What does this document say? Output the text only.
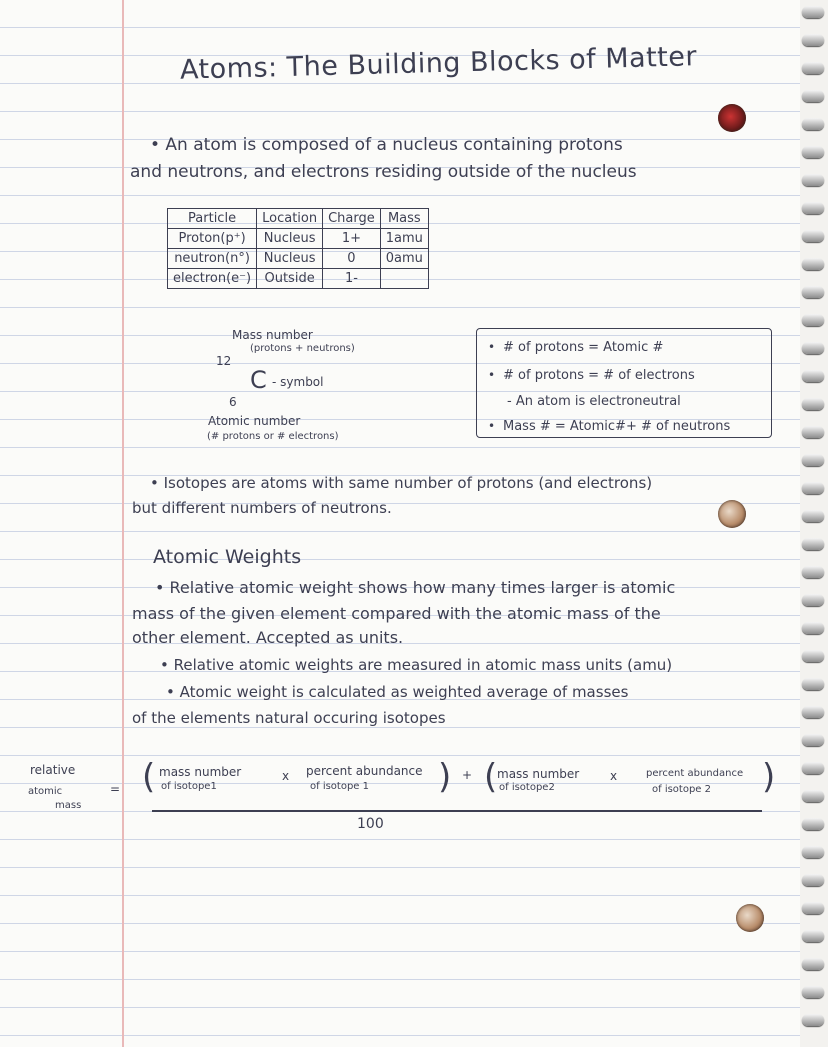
Atoms: The Building Blocks of Matter
• An atom is composed of a nucleus containing protons
and neutrons, and electrons residing outside of the nucleus
Particle	Location	Charge	Mass
Proton(p⁺)	Nucleus	1+	1amu
neutron(n°)	Nucleus	0	0amu
electron(e⁻)	Outside	1-	
Mass number
(protons + neutrons)
12
C - symbol
6
Atomic number
(# protons or # electrons)
• # of protons = Atomic #
• # of protons = # of electrons
- An atom is electroneutral
• Mass # = Atomic#+ # of neutrons
• Isotopes are atoms with same number of protons (and electrons)
but different numbers of neutrons.
Atomic Weights
• Relative atomic weight shows how many times larger is atomic
mass of the given element compared with the atomic mass of the
other element. Accepted as units.
• Relative atomic weights are measured in atomic mass units (amu)
• Atomic weight is calculated as weighted average of masses
of the elements natural occuring isotopes
relative
atomic
mass
= ( mass number
of isotope1
x percent abundance
of isotope 1 ) + ( mass number
of isotope2
x	percent abundance
of isotope 2 )
100
